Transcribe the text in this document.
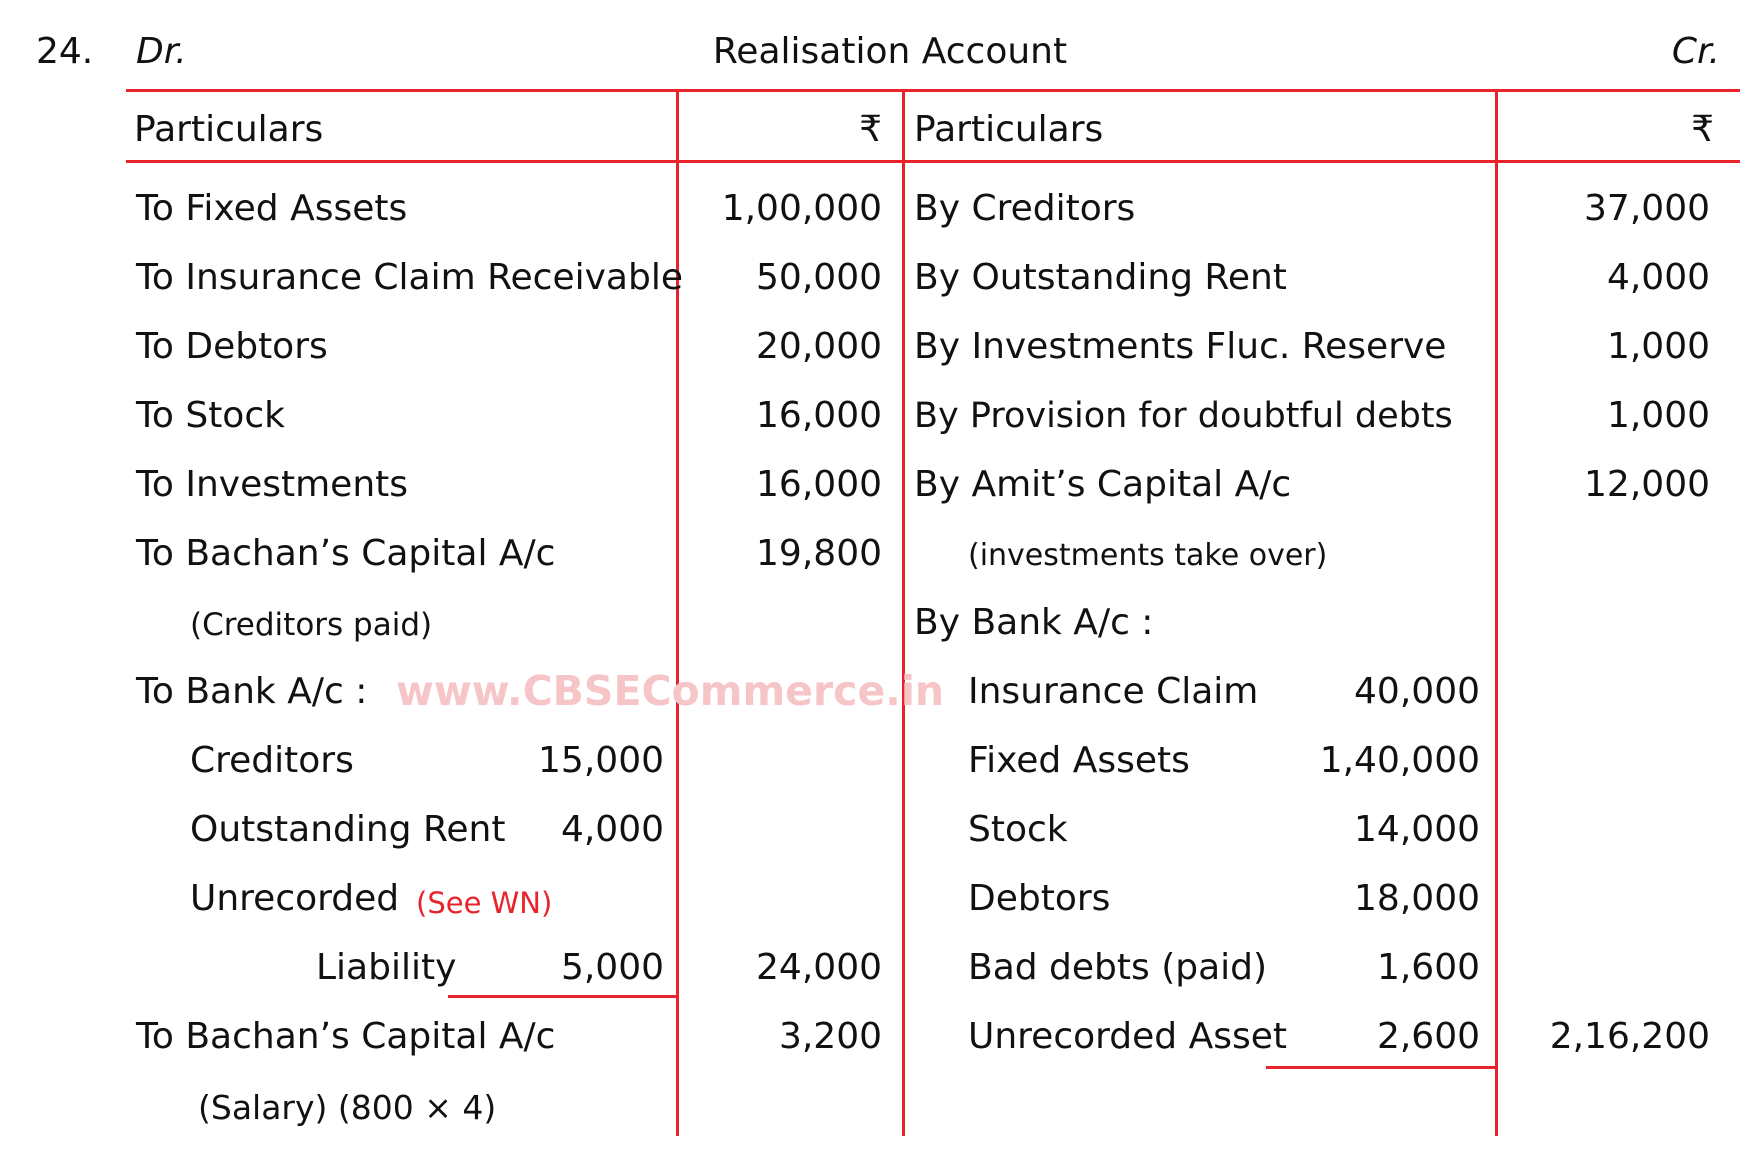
24. Dr.	Realisation Account	Cr.
Particulars	₹ Particulars	₹
www.CBSECommerce.in
To Fixed Assets	1,00,000
To Insurance Claim Receivable	50,000
To Debtors	20,000
To Stock	16,000
To Investments	16,000
To Bachan’s Capital A/c	19,800
(Creditors paid)
To Bank A/c :
Creditors	15,000
Outstanding Rent	4,000
Unrecorded (See WN)
Liability	5,000	24,000
To Bachan’s Capital A/c	3,200
(Salary) (800 × 4)
By Creditors	37,000
By Outstanding Rent	4,000
By Investments Fluc. Reserve	1,000
By Provision for doubtful debts	1,000
By Amit’s Capital A/c	12,000
(investments take over)
By Bank A/c :
Insurance Claim	40,000
Fixed Assets	1,40,000
Stock	14,000
Debtors	18,000
Bad debts (paid)	1,600
Unrecorded Asset	2,600	2,16,200
